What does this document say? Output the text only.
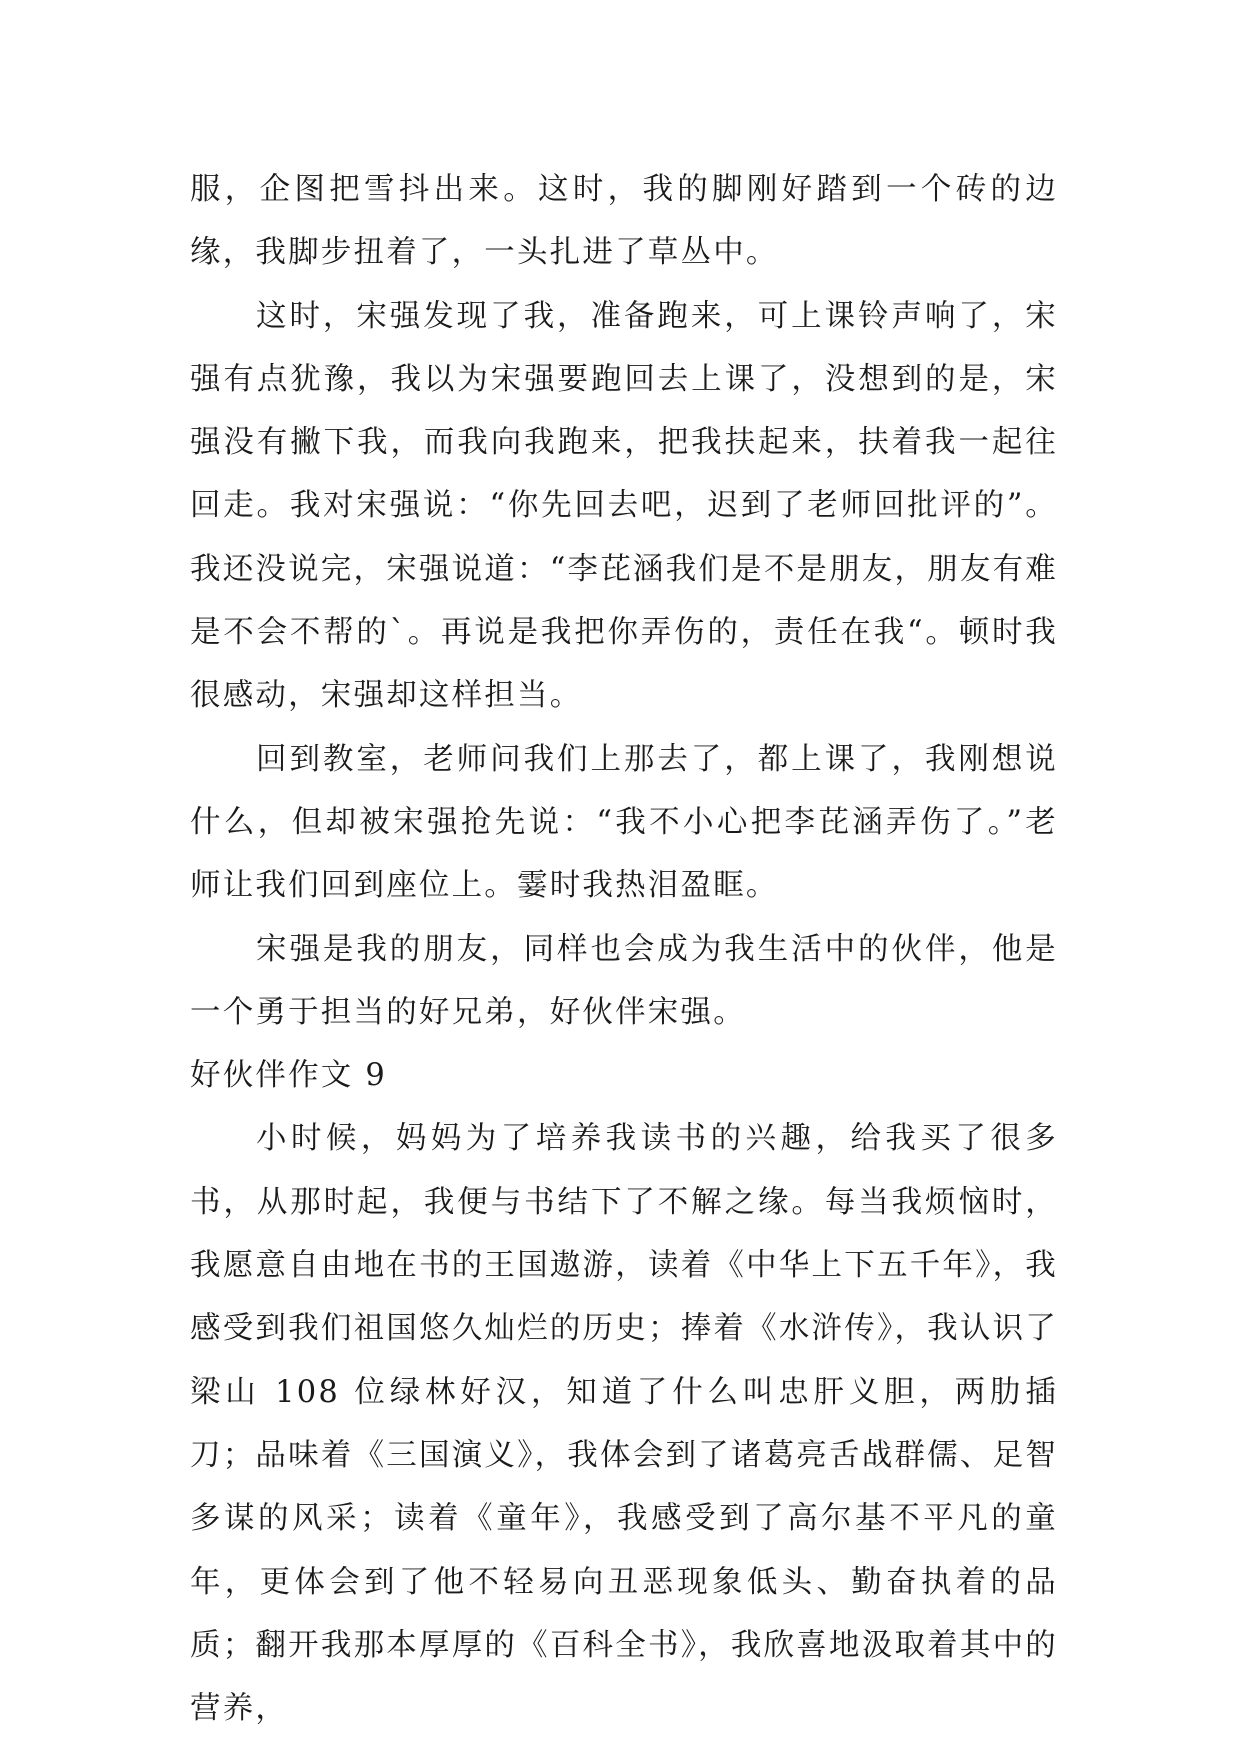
服，企图把雪抖出来。这时，我的脚刚好踏到一个砖的边缘，我脚步扭着了，一头扎进了草丛中。

这时，宋强发现了我，准备跑来，可上课铃声响了，宋强有点犹豫，我以为宋强要跑回去上课了，没想到的是，宋强没有撇下我，而我向我跑来，把我扶起来，扶着我一起往回走。我对宋强说：“你先回去吧，迟到了老师回批评的”。我还没说完，宋强说道：“李芘涵我们是不是朋友，朋友有难是不会不帮的`。再说是我把你弄伤的，责任在我“。顿时我很感动，宋强却这样担当。

回到教室，老师问我们上那去了，都上课了，我刚想说什么，但却被宋强抢先说：“我不小心把李芘涵弄伤了。”老师让我们回到座位上。霎时我热泪盈眶。

宋强是我的朋友，同样也会成为我生活中的伙伴，他是一个勇于担当的好兄弟，好伙伴宋强。

好伙伴作文 9

小时候，妈妈为了培养我读书的兴趣，给我买了很多书，从那时起，我便与书结下了不解之缘。每当我烦恼时，我愿意自由地在书的王国遨游，读着《中华上下五千年》，我感受到我们祖国悠久灿烂的历史；捧着《水浒传》，我认识了梁山 108 位绿林好汉，知道了什么叫忠肝义胆，两肋插刀；品味着《三国演义》，我体会到了诸葛亮舌战群儒、足智多谋的风采；读着《童年》，我感受到了高尔基不平凡的童年，更体会到了他不轻易向丑恶现象低头、勤奋执着的品质；翻开我那本厚厚的《百科全书》，我欣喜地汲取着其中的营养，
